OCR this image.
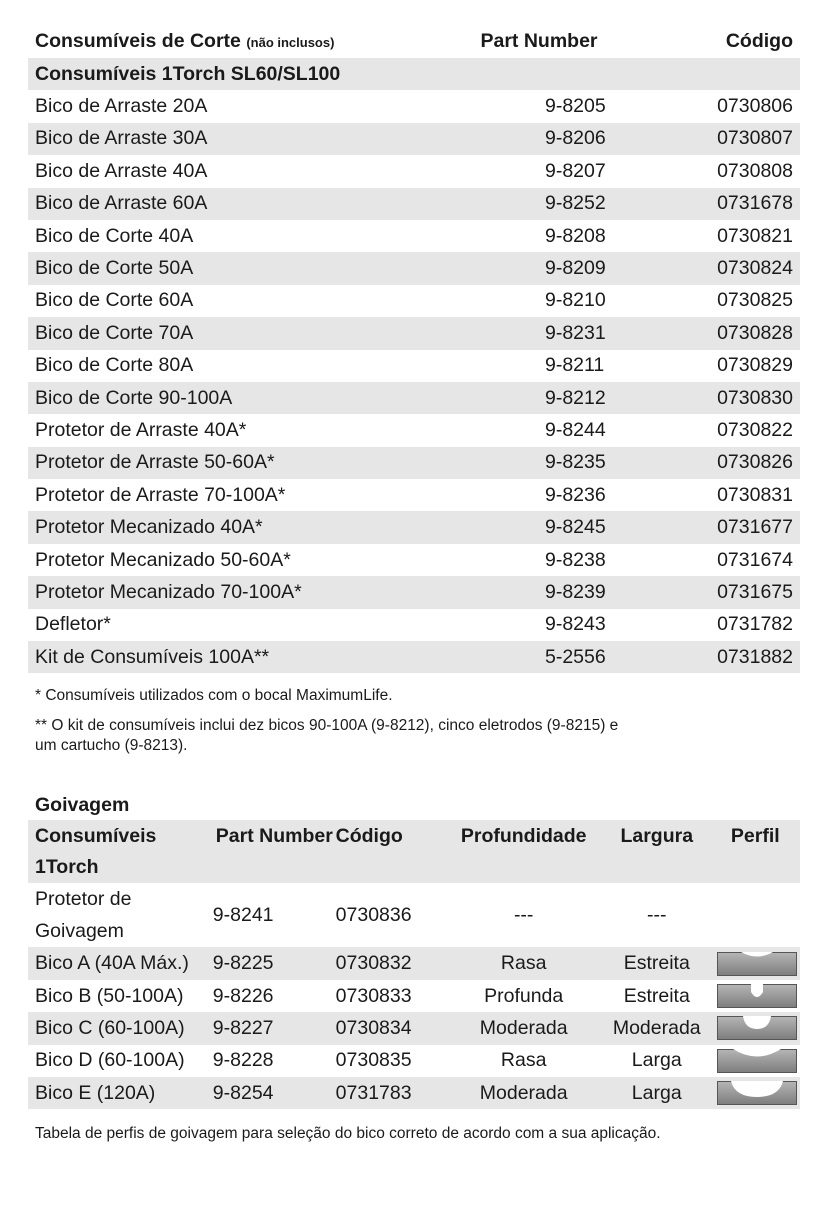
Consumíveis de Corte (não inclusos)	Part Number	Código
Consumíveis 1Torch SL60/SL100		
Bico de Arraste 20A	9-8205	0730806
Bico de Arraste 30A	9-8206	0730807
Bico de Arraste 40A	9-8207	0730808
Bico de Arraste 60A	9-8252	0731678
Bico de Corte 40A	9-8208	0730821
Bico de Corte 50A	9-8209	0730824
Bico de Corte 60A	9-8210	0730825
Bico de Corte 70A	9-8231	0730828
Bico de Corte 80A	9-8211	0730829
Bico de Corte 90-100A	9-8212	0730830
Protetor de Arraste 40A*	9-8244	0730822
Protetor de Arraste 50-60A*	9-8235	0730826
Protetor de Arraste 70-100A*	9-8236	0730831
Protetor Mecanizado 40A*	9-8245	0731677
Protetor Mecanizado 50-60A*	9-8238	0731674
Protetor Mecanizado 70-100A*	9-8239	0731675
Defletor*	9-8243	0731782
Kit de Consumíveis 100A**	5-2556	0731882

* Consumíveis utilizados com o bocal MaximumLife.

** O kit de consumíveis inclui dez bicos 90-100A (9-8212), cinco eletrodos (9-8215) e
um cartucho (9-8213).

Goivagem
Consumíveis	Part Number	Código	Profundidade	Largura	Perfil
1Torch					
Protetor de Goivagem	9-8241	0730836	---	---	
Bico A (40A Máx.)	9-8225	0730832	Rasa	Estreita	

Bico B (50-100A)	9-8226	0730833	Profunda	Estreita	

Bico C (60-100A)	9-8227	0730834	Moderada	Moderada	

Bico D (60-100A)	9-8228	0730835	Rasa	Larga	

Bico E (120A)	9-8254	0731783	Moderada	Larga	
Tabela de perfis de goivagem para seleção do bico correto de acordo com a sua aplicação.
